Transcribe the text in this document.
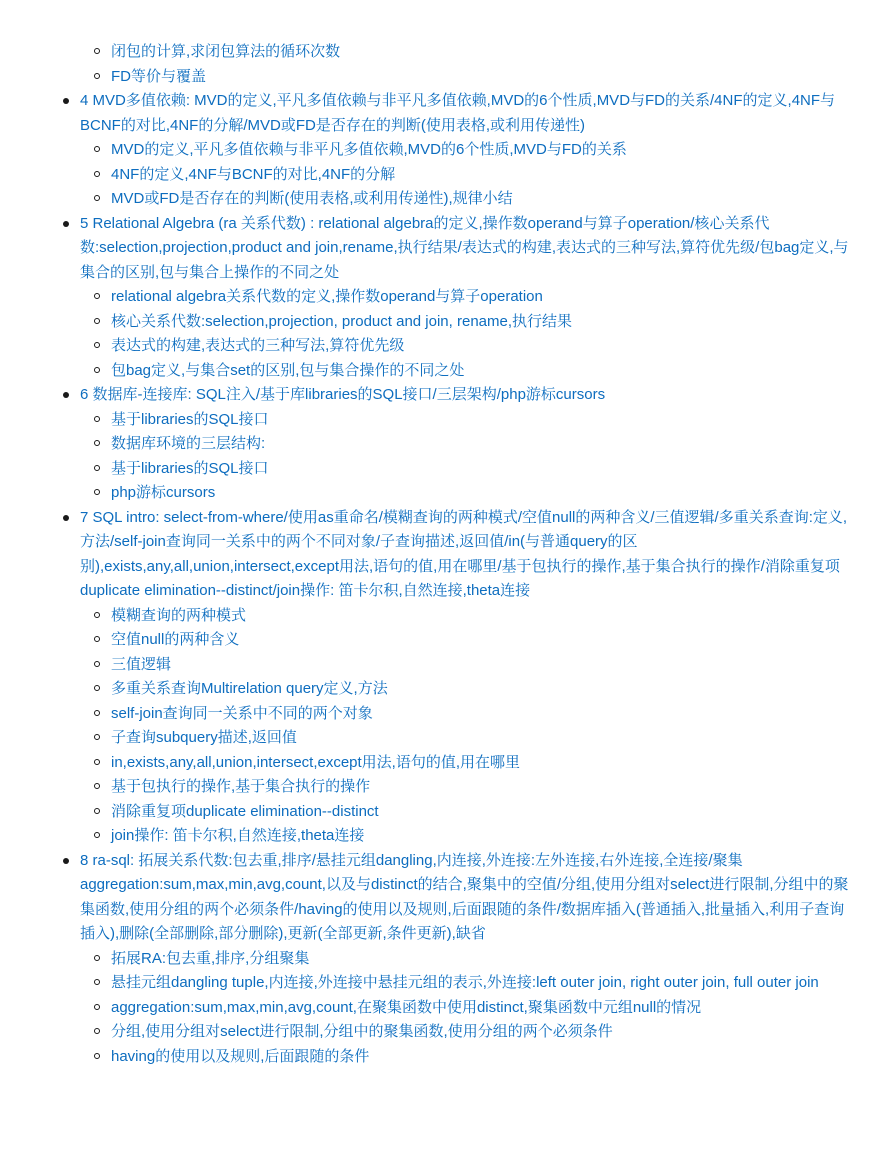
闭包的计算,求闭包算法的循环次数
FD等价与覆盖
4 MVD多值依赖: MVD的定义,平凡多值依赖与非平凡多值依赖,MVD的6个性质,MVD与FD的关系/4NF的定义,4NF与BCNF的对比,4NF的分解/MVD或FD是否存在的判断(使用表格,或利用传递性)
MVD的定义,平凡多值依赖与非平凡多值依赖,MVD的6个性质,MVD与FD的关系
4NF的定义,4NF与BCNF的对比,4NF的分解
MVD或FD是否存在的判断(使用表格,或利用传递性),规律小结
5 Relational Algebra (ra 关系代数) : relational algebra的定义,操作数operand与算子operation/核心关系代数:selection,projection,product and join,rename,执行结果/表达式的构建,表达式的三种写法,算符优先级/包bag定义,与集合的区别,包与集合上操作的不同之处
relational algebra关系代数的定义,操作数operand与算子operation
核心关系代数:selection,projection, product and join, rename,执行结果
表达式的构建,表达式的三种写法,算符优先级
包bag定义,与集合set的区别,包与集合操作的不同之处
6 数据库-连接库: SQL注入/基于库libraries的SQL接口/三层架构/php游标cursors
基于libraries的SQL接口
数据库环境的三层结构:
基于libraries的SQL接口
php游标cursors
7 SQL intro: select-from-where/使用as重命名/模糊查询的两种模式/空值null的两种含义/三值逻辑/多重关系查询:定义,方法/self-join查询同一关系中的两个不同对象/子查询描述,返回值/in(与普通query的区别),exists,any,all,union,intersect,except用法,语句的值,用在哪里/基于包执行的操作,基于集合执行的操作/消除重复项duplicate elimination--distinct/join操作: 笛卡尔积,自然连接,theta连接
模糊查询的两种模式
空值null的两种含义
三值逻辑
多重关系查询Multirelation query定义,方法
self-join查询同一关系中不同的两个对象
子查询subquery描述,返回值
in,exists,any,all,union,intersect,except用法,语句的值,用在哪里
基于包执行的操作,基于集合执行的操作
消除重复项duplicate elimination--distinct
join操作: 笛卡尔积,自然连接,theta连接
8 ra-sql: 拓展关系代数:包去重,排序/悬挂元组dangling,内连接,外连接:左外连接,右外连接,全连接/聚集aggregation:sum,max,min,avg,count,以及与distinct的结合,聚集中的空值/分组,使用分组对select进行限制,分组中的聚集函数,使用分组的两个必须条件/having的使用以及规则,后面跟随的条件/数据库插入(普通插入,批量插入,利用子查询插入),删除(全部删除,部分删除),更新(全部更新,条件更新),缺省
拓展RA:包去重,排序,分组聚集
悬挂元组dangling tuple,内连接,外连接中悬挂元组的表示,外连接:left outer join, right outer join, full outer join
aggregation:sum,max,min,avg,count,在聚集函数中使用distinct,聚集函数中元组null的情况
分组,使用分组对select进行限制,分组中的聚集函数,使用分组的两个必须条件
having的使用以及规则,后面跟随的条件
